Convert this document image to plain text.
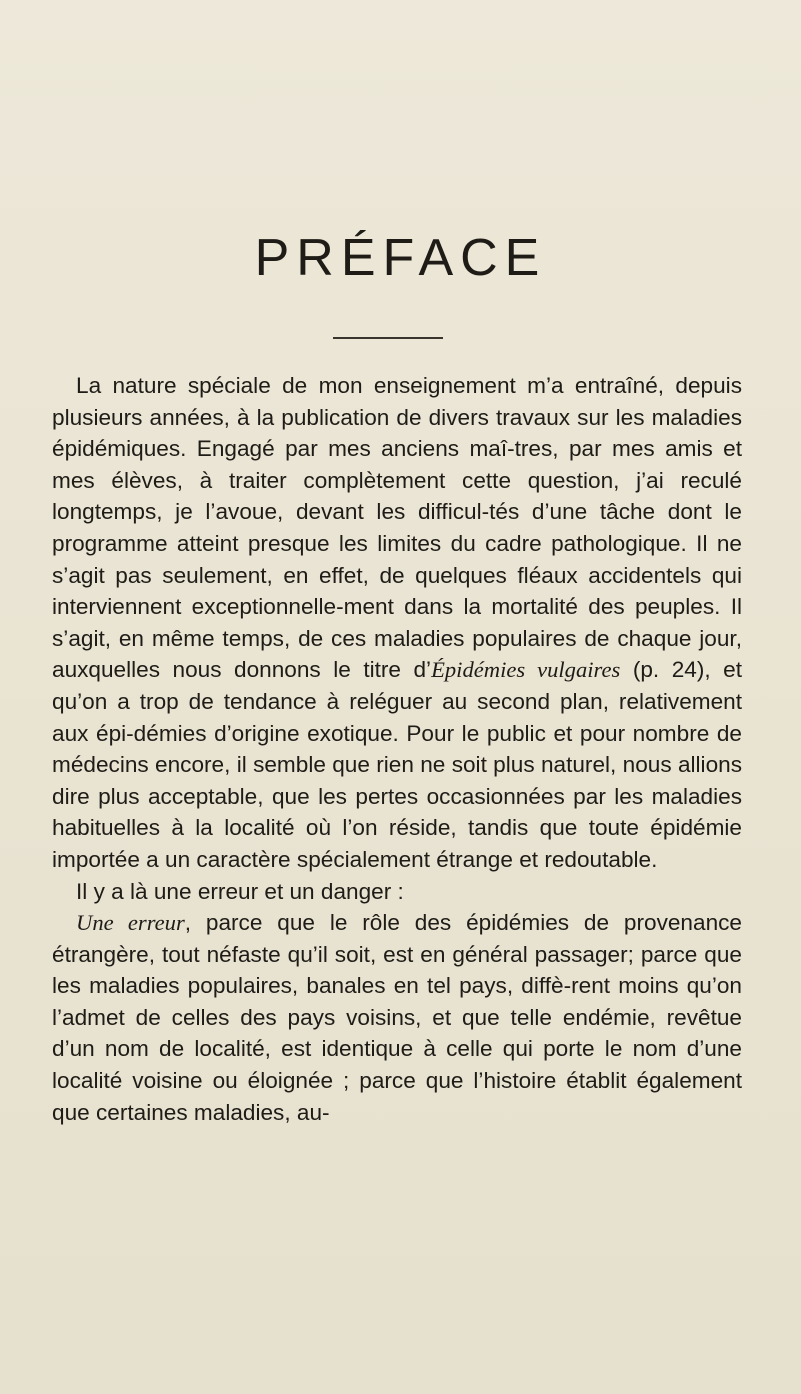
PRÉFACE

La nature spéciale de mon enseignement m’a entraîné, depuis plusieurs années, à la publication de divers travaux sur les maladies épidémiques. Engagé par mes anciens maî-tres, par mes amis et mes élèves, à traiter complètement cette question, j’ai reculé longtemps, je l’avoue, devant les difficul-tés d’une tâche dont le programme atteint presque les limites du cadre pathologique. Il ne s’agit pas seulement, en effet, de quelques fléaux accidentels qui interviennent exceptionnelle-ment dans la mortalité des peuples. Il s’agit, en même temps, de ces maladies populaires de chaque jour, auxquelles nous donnons le titre d’Épidémies vulgaires (p. 24), et qu’on a trop de tendance à reléguer au second plan, relativement aux épi-démies d’origine exotique. Pour le public et pour nombre de médecins encore, il semble que rien ne soit plus naturel, nous allions dire plus acceptable, que les pertes occasionnées par les maladies habituelles à la localité où l’on réside, tandis que toute épidémie importée a un caractère spécialement étrange et redoutable.

Il y a là une erreur et un danger :

Une erreur, parce que le rôle des épidémies de provenance étrangère, tout néfaste qu’il soit, est en général passager; parce que les maladies populaires, banales en tel pays, diffè-rent moins qu’on l’admet de celles des pays voisins, et que telle endémie, revêtue d’un nom de localité, est identique à celle qui porte le nom d’une localité voisine ou éloignée ; parce que l’histoire établit également que certaines maladies, au-
